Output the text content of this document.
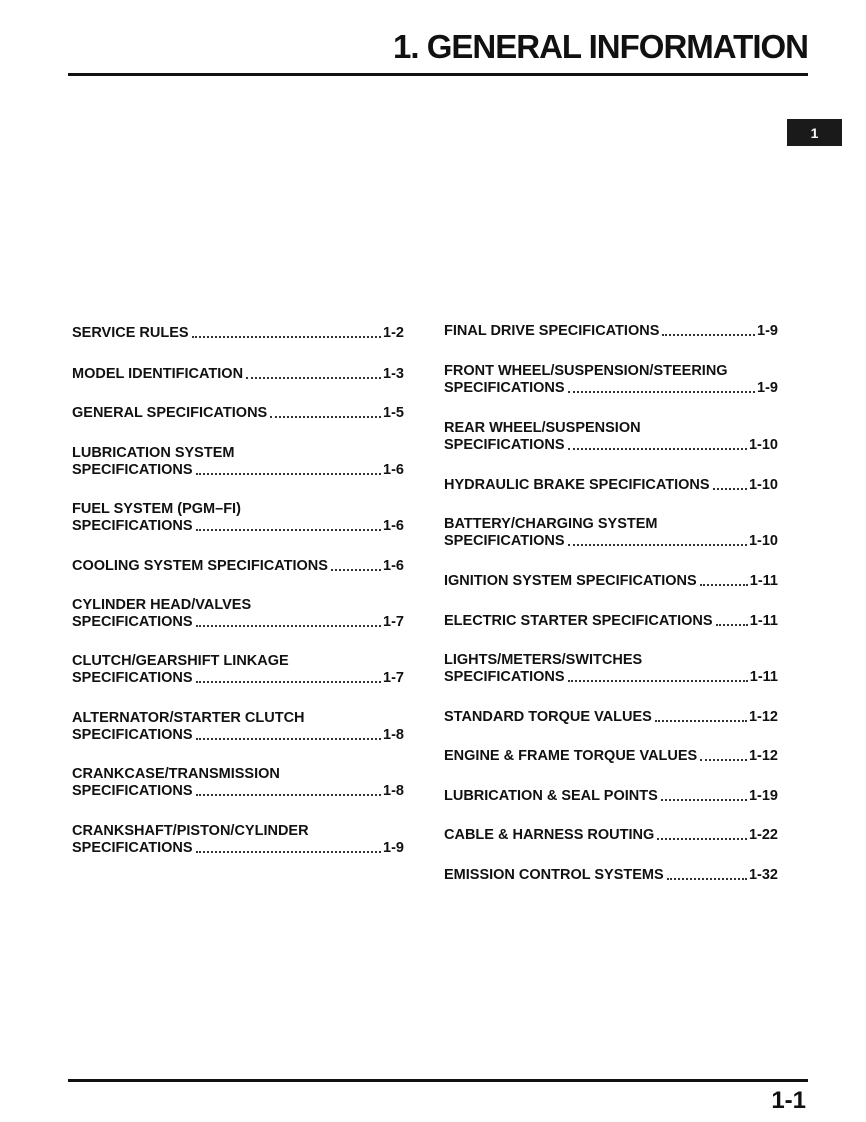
1. GENERAL INFORMATION
1
SERVICE RULES	1-2
MODEL IDENTIFICATION	1-3
GENERAL SPECIFICATIONS	1-5
LUBRICATION SYSTEM
SPECIFICATIONS	1-6
FUEL SYSTEM (PGM–FI)
SPECIFICATIONS	1-6
COOLING SYSTEM SPECIFICATIONS	1-6
CYLINDER HEAD/VALVES
SPECIFICATIONS	1-7
CLUTCH/GEARSHIFT LINKAGE
SPECIFICATIONS	1-7
ALTERNATOR/STARTER CLUTCH
SPECIFICATIONS	1-8
CRANKCASE/TRANSMISSION
SPECIFICATIONS	1-8
CRANKSHAFT/PISTON/CYLINDER
SPECIFICATIONS	1-9
FINAL DRIVE SPECIFICATIONS	1-9
FRONT WHEEL/SUSPENSION/STEERING
SPECIFICATIONS	1-9
REAR WHEEL/SUSPENSION
SPECIFICATIONS	1-10
HYDRAULIC BRAKE SPECIFICATIONS	1-10
BATTERY/CHARGING SYSTEM
SPECIFICATIONS	1-10
IGNITION SYSTEM SPECIFICATIONS	1-11
ELECTRIC STARTER SPECIFICATIONS	1-11
LIGHTS/METERS/SWITCHES
SPECIFICATIONS	1-11
STANDARD TORQUE VALUES	1-12
ENGINE & FRAME TORQUE VALUES	1-12
LUBRICATION & SEAL POINTS	1-19
CABLE & HARNESS ROUTING	1-22
EMISSION CONTROL SYSTEMS	1-32
1-1
